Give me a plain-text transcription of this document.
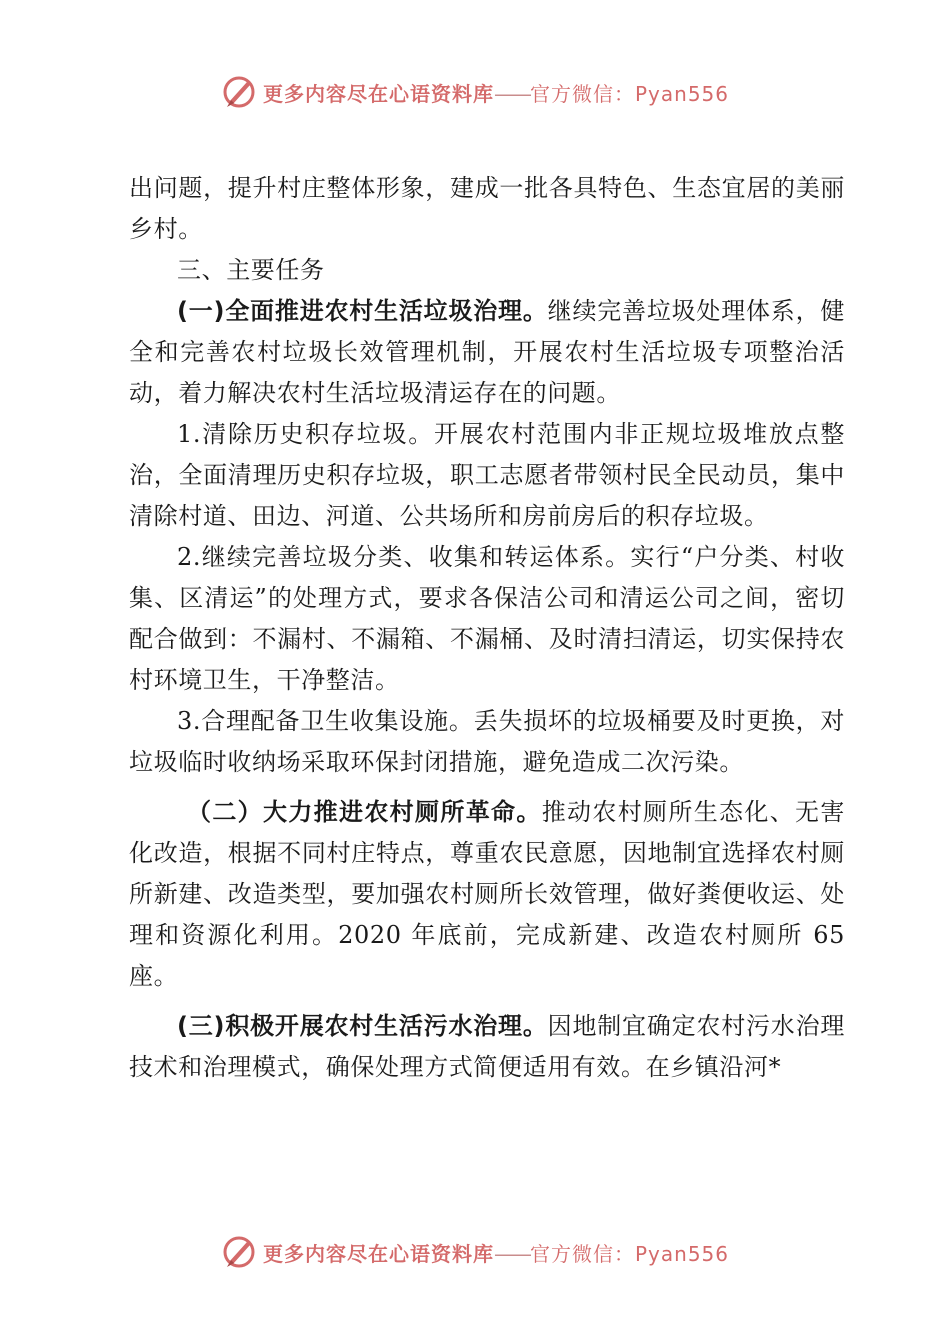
更多内容尽在心语资料库——官方微信：Pyan556

出问题，提升村庄整体形象，建成一批各具特色、生态宜居的美丽乡村。

三、主要任务

(一)全面推进农村生活垃圾治理。继续完善垃圾处理体系，健全和完善农村垃圾长效管理机制，开展农村生活垃圾专项整治活动，着力解决农村生活垃圾清运存在的问题。

1.清除历史积存垃圾。开展农村范围内非正规垃圾堆放点整治，全面清理历史积存垃圾，职工志愿者带领村民全民动员，集中清除村道、田边、河道、公共场所和房前房后的积存垃圾。

2.继续完善垃圾分类、收集和转运体系。实行“户分类、村收集、区清运”的处理方式，要求各保洁公司和清运公司之间，密切配合做到：不漏村、不漏箱、不漏桶、及时清扫清运，切实保持农村环境卫生，干净整洁。

3.合理配备卫生收集设施。丢失损坏的垃圾桶要及时更换，对垃圾临时收纳场采取环保封闭措施，避免造成二次污染。

（二）大力推进农村厕所革命。推动农村厕所生态化、无害化改造，根据不同村庄特点，尊重农民意愿，因地制宜选择农村厕所新建、改造类型，要加强农村厕所长效管理，做好粪便收运、处理和资源化利用。2020 年底前，完成新建、改造农村厕所 65 座。

(三)积极开展农村生活污水治理。因地制宜确定农村污水治理技术和治理模式，确保处理方式简便适用有效。在乡镇沿河*

更多内容尽在心语资料库——官方微信：Pyan556
